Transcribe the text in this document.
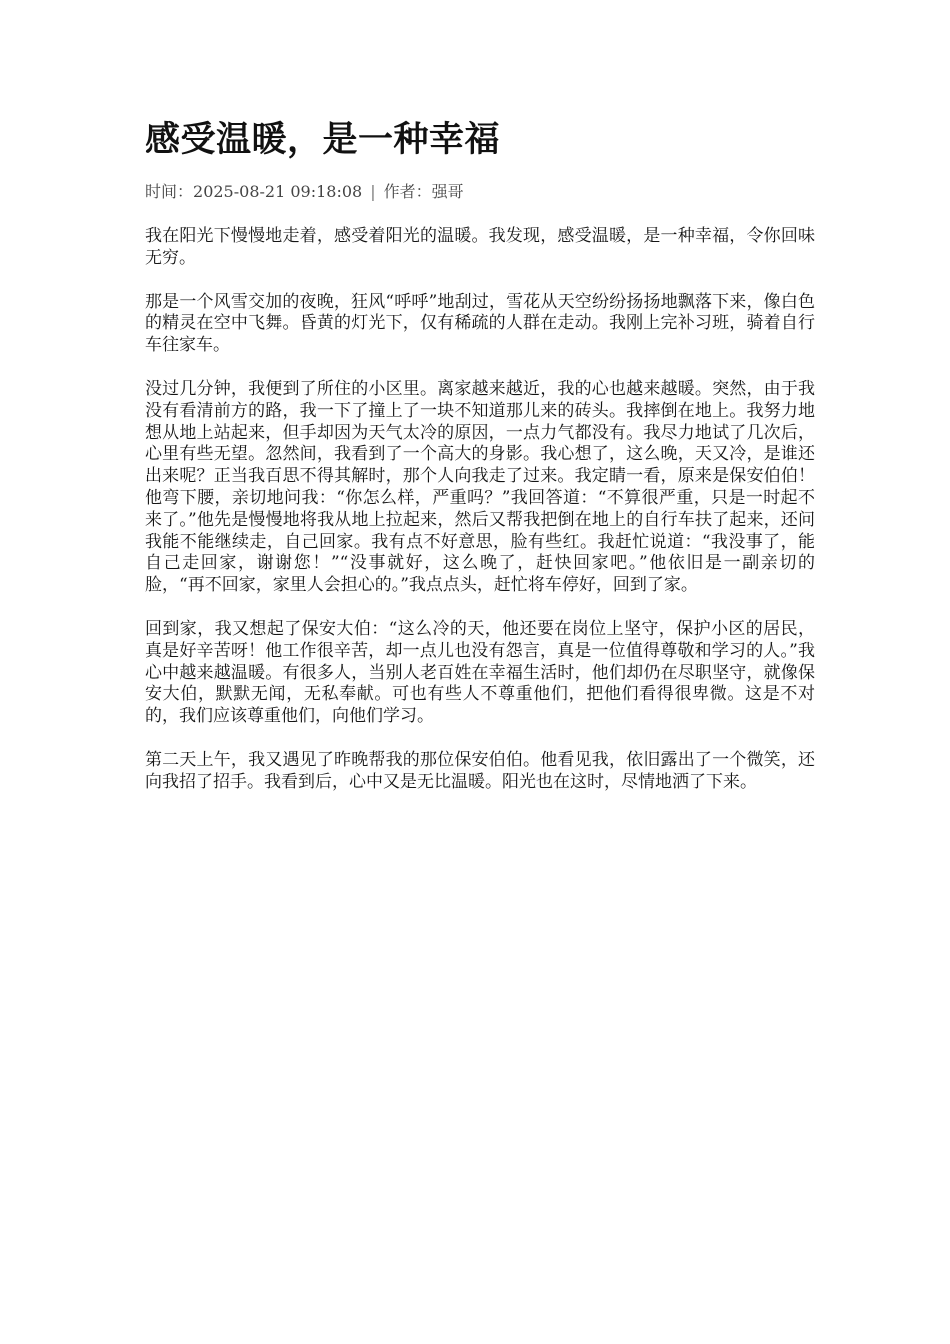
感受温暖，是一种幸福
时间：2025-08-21 09:18:08 | 作者：强哥

我在阳光下慢慢地走着，感受着阳光的温暖。我发现，感受温暖，是一种幸福，令你回味无穷。

那是一个风雪交加的夜晚，狂风“呼呼”地刮过，雪花从天空纷纷扬扬地飘落下来，像白色的精灵在空中飞舞。昏黄的灯光下，仅有稀疏的人群在走动。我刚上完补习班，骑着自行车往家车。

没过几分钟，我便到了所住的小区里。离家越来越近，我的心也越来越暖。突然，由于我没有看清前方的路，我一下了撞上了一块不知道那儿来的砖头。我摔倒在地上。我努力地想从地上站起来，但手却因为天气太冷的原因，一点力气都没有。我尽力地试了几次后，心里有些无望。忽然间，我看到了一个高大的身影。我心想了，这么晚，天又冷，是谁还出来呢？正当我百思不得其解时，那个人向我走了过来。我定睛一看，原来是保安伯伯！他弯下腰，亲切地问我：“你怎么样，严重吗？”我回答道：“不算很严重，只是一时起不来了。”他先是慢慢地将我从地上拉起来，然后又帮我把倒在地上的自行车扶了起来，还问我能不能继续走，自己回家。我有点不好意思，脸有些红。我赶忙说道：“我没事了，能自己走回家，谢谢您！”“没事就好，这么晚了，赶快回家吧。”他依旧是一副亲切的脸，“再不回家，家里人会担心的。”我点点头，赶忙将车停好，回到了家。

回到家，我又想起了保安大伯：“这么冷的天，他还要在岗位上坚守，保护小区的居民，真是好辛苦呀！他工作很辛苦，却一点儿也没有怨言，真是一位值得尊敬和学习的人。”我心中越来越温暖。有很多人，当别人老百姓在幸福生活时，他们却仍在尽职坚守，就像保安大伯，默默无闻，无私奉献。可也有些人不尊重他们，把他们看得很卑微。这是不对的，我们应该尊重他们，向他们学习。

第二天上午，我又遇见了昨晚帮我的那位保安伯伯。他看见我，依旧露出了一个微笑，还向我招了招手。我看到后，心中又是无比温暖。阳光也在这时，尽情地洒了下来。
